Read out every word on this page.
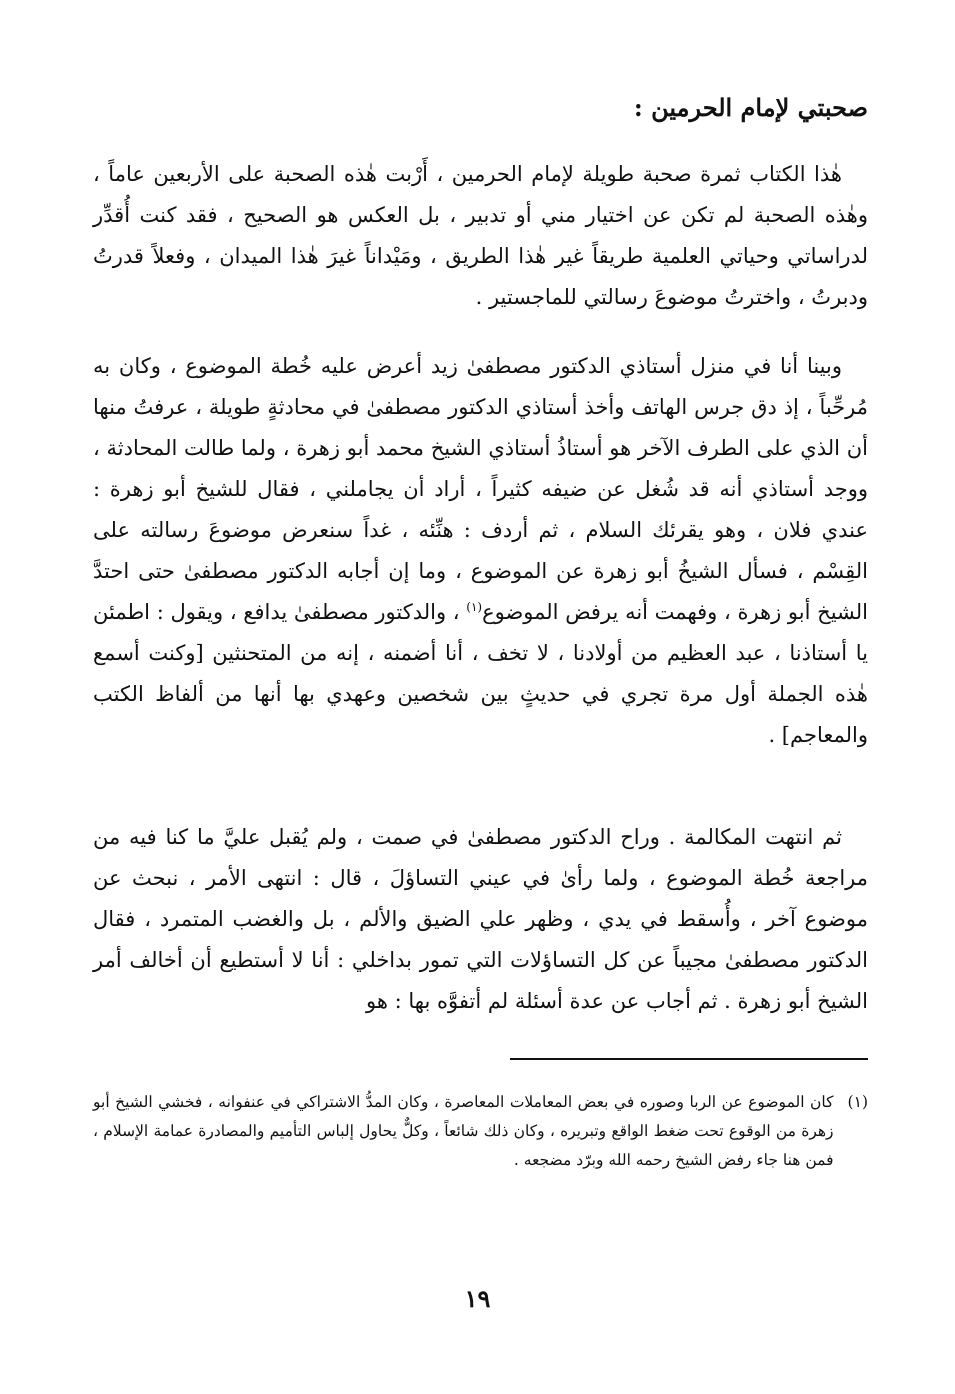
صحبتي لإمام الحرمين :

هٰذا الكتاب ثمرة صحبة طويلة لإمام الحرمين ، أَرْبت هٰذه الصحبة على الأربعين عاماً ، وهٰذه الصحبة لم تكن عن اختيار مني أو تدبير ، بل العكس هو الصحيح ، فقد كنت أُقدِّر لدراساتي وحياتي العلمية طريقاً غير هٰذا الطريق ، ومَيْداناً غيرَ هٰذا الميدان ، وفعلاً قدرتُ ودبرتُ ، واخترتُ موضوعَ رسالتي للماجستير .

وبينا أنا في منزل أستاذي الدكتور مصطفىٰ زيد أعرض عليه خُطة الموضوع ، وكان به مُرحِّباً ، إذ دق جرس الهاتف وأخذ أستاذي الدكتور مصطفىٰ في محادثةٍ طويلة ، عرفتُ منها أن الذي على الطرف الآخر هو أستاذُ أستاذي الشيخ محمد أبو زهرة ، ولما طالت المحادثة ، ووجد أستاذي أنه قد شُغل عن ضيفه كثيراً ، أراد أن يجاملني ، فقال للشيخ أبو زهرة : عندي فلان ، وهو يقرئك السلام ، ثم أردف : هنِّئه ، غداً سنعرض موضوعَ رسالته على القِسْم ، فسأل الشيخُ أبو زهرة عن الموضوع ، وما إن أجابه الدكتور مصطفىٰ حتى احتدَّ الشيخ أبو زهرة ، وفهمت أنه يرفض الموضوع$^{(١)}$ ، والدكتور مصطفىٰ يدافع ، ويقول : اطمئن يا أستاذنا ، عبد العظيم من أولادنا ، لا تخف ، أنا أضمنه ، إنه من المتحنثين [وكنت أسمع هٰذه الجملة أول مرة تجري في حديثٍ بين شخصين وعهدي بها أنها من ألفاظ الكتب والمعاجم] .

ثم انتهت المكالمة . وراح الدكتور مصطفىٰ في صمت ، ولم يُقبل عليَّ ما كنا فيه من مراجعة خُطة الموضوع ، ولما رأىٰ في عيني التساؤلَ ، قال : انتهى الأمر ، نبحث عن موضوع آخر ، وأُسقط في يدي ، وظهر علي الضيق والألم ، بل والغضب المتمرد ، فقال الدكتور مصطفىٰ مجيباً عن كل التساؤلات التي تمور بداخلي : أنا لا أستطيع أن أخالف أمر الشيخ أبو زهرة . ثم أجاب عن عدة أسئلة لم أتفوَّه بها : هو

(١)
كان الموضوع عن الربا وصوره في بعض المعاملات المعاصرة ، وكان المدُّ الاشتراكي في عنفوانه ، فخشي الشيخ أبو زهرة من الوقوع تحت ضغط الواقع وتبريره ، وكان ذلك شائعاً ، وكلٌّ يحاول إلباس التأميم والمصادرة عمامة الإسلام ، فمن هنا جاء رفض الشيخ رحمه الله وبرّد مضجعه .

١٩
